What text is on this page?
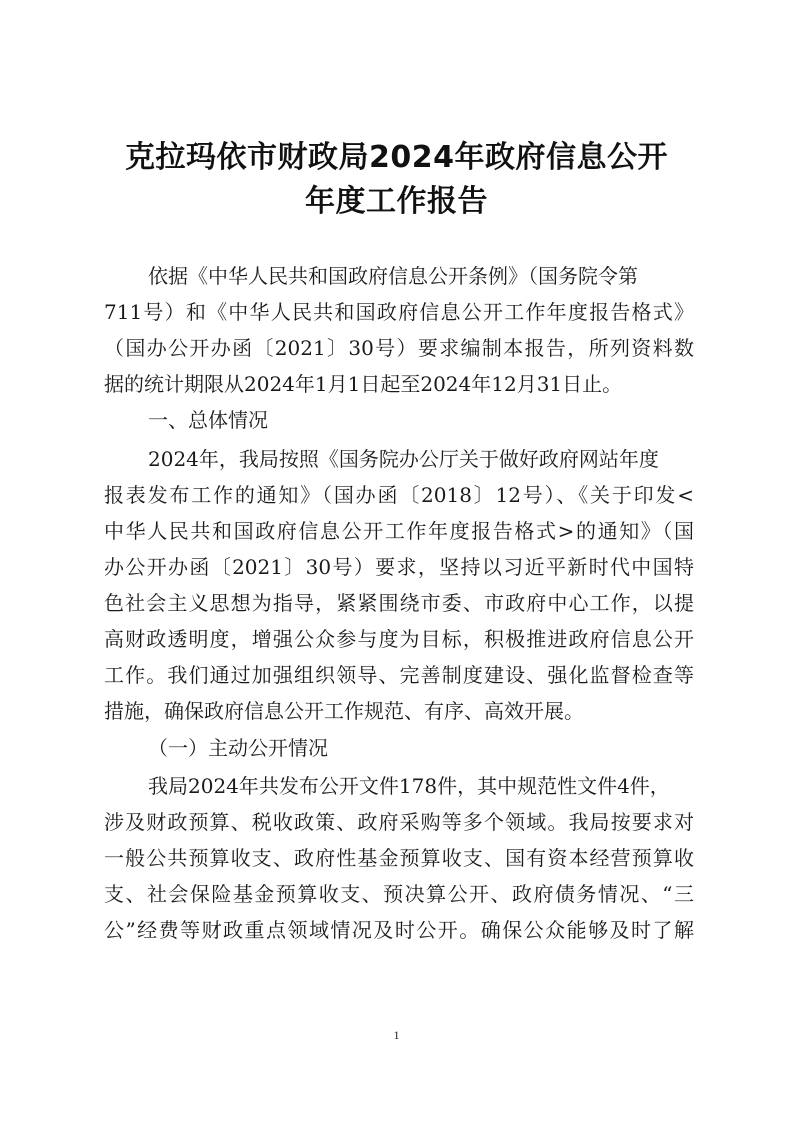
克拉玛依市财政局2024年政府信息公开
年度工作报告
依据《中华人民共和国政府信息公开条例》（国务院令第
711号）和《中华人民共和国政府信息公开工作年度报告格式》
（国办公开办函〔2021〕30号）要求编制本报告，所列资料数
据的统计期限从2024年1月1日起至2024年12月31日止。
一、总体情况
2024年，我局按照《国务院办公厅关于做好政府网站年度
报表发布工作的通知》（国办函〔2018〕12号）、《关于印发<
中华人民共和国政府信息公开工作年度报告格式>的通知》（国
办公开办函〔2021〕30号）要求，坚持以习近平新时代中国特
色社会主义思想为指导，紧紧围绕市委、市政府中心工作，以提
高财政透明度，增强公众参与度为目标，积极推进政府信息公开
工作。我们通过加强组织领导、完善制度建设、强化监督检查等
措施，确保政府信息公开工作规范、有序、高效开展。
（一）主动公开情况
我局2024年共发布公开文件178件，其中规范性文件4件，
涉及财政预算、税收政策、政府采购等多个领域。我局按要求对
一般公共预算收支、政府性基金预算收支、国有资本经营预算收
支、社会保险基金预算收支、预决算公开、政府债务情况、“三
公”经费等财政重点领域情况及时公开。确保公众能够及时了解
1
